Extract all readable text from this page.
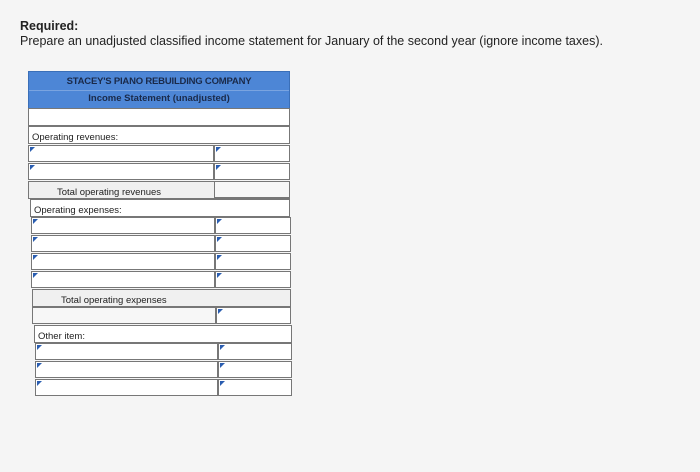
Required:
Prepare an unadjusted classified income statement for January of the second year (ignore income taxes).
STACEY'S PIANO REBUILDING COMPANY
Income Statement (unadjusted)
Operating revenues:
Total operating revenues
Operating expenses:
Total operating expenses
Other item:
